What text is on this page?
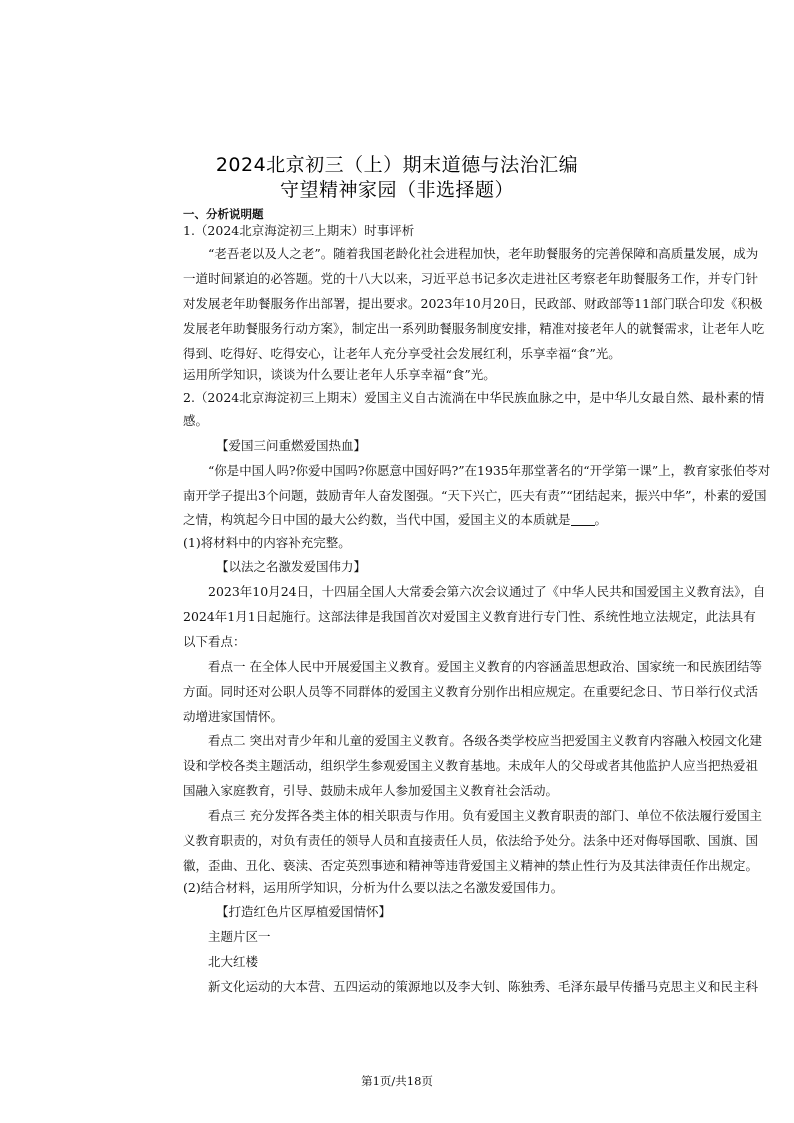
2024北京初三（上）期末道德与法治汇编
守望精神家园（非选择题）
一、分析说明题
1.（2024北京海淀初三上期末）时事评析
“老吾老以及人之老”。随着我国老龄化社会进程加快，老年助餐服务的完善保障和高质量发展，成为
一道时间紧迫的必答题。党的十八大以来，习近平总书记多次走进社区考察老年助餐服务工作，并专门针
对发展老年助餐服务作出部署，提出要求。2023年10月20日，民政部、财政部等11部门联合印发《积极
发展老年助餐服务行动方案》，制定出一系列助餐服务制度安排，精准对接老年人的就餐需求，让老年人吃
得到、吃得好、吃得安心，让老年人充分享受社会发展红利，乐享幸福“食”光。
运用所学知识，谈谈为什么要让老年人乐享幸福“食”光。
2.（2024北京海淀初三上期末）爱国主义自古流淌在中华民族血脉之中，是中华儿女最自然、最朴素的情
感。
【爱国三问重燃爱国热血】
“你是中国人吗?你爱中国吗?你愿意中国好吗?”在1935年那堂著名的“开学第一课”上，教育家张伯苓对
南开学子提出3个问题，鼓励青年人奋发图强。“天下兴亡，匹夫有责”“团结起来，振兴中华”，朴素的爱国
之情，构筑起今日中国的最大公约数，当代中国，爱国主义的本质就是 。
(1)将材料中的内容补充完整。
【以法之名激发爱国伟力】
2023年10月24日，十四届全国人大常委会第六次会议通过了《中华人民共和国爱国主义教育法》，自
2024年1月1日起施行。这部法律是我国首次对爱国主义教育进行专门性、系统性地立法规定，此法具有
以下看点：
看点一 在全体人民中开展爱国主义教育。爱国主义教育的内容涵盖思想政治、国家统一和民族团结等
方面。同时还对公职人员等不同群体的爱国主义教育分别作出相应规定。在重要纪念日、节日举行仪式活
动增进家国情怀。
看点二 突出对青少年和儿童的爱国主义教育。各级各类学校应当把爱国主义教育内容融入校园文化建
设和学校各类主题活动，组织学生参观爱国主义教育基地。未成年人的父母或者其他监护人应当把热爱祖
国融入家庭教育，引导、鼓励未成年人参加爱国主义教育社会活动。
看点三 充分发挥各类主体的相关职责与作用。负有爱国主义教育职责的部门、单位不依法履行爱国主
义教育职责的，对负有责任的领导人员和直接责任人员，依法给予处分。法条中还对侮辱国歌、国旗、国
徽，歪曲、丑化、亵渎、否定英烈事迹和精神等违背爱国主义精神的禁止性行为及其法律责任作出规定。
(2)结合材料，运用所学知识，分析为什么要以法之名激发爱国伟力。
【打造红色片区厚植爱国情怀】
主题片区一
北大红楼
新文化运动的大本营、五四运动的策源地以及李大钊、陈独秀、毛泽东最早传播马克思主义和民主科
第1页/共18页
